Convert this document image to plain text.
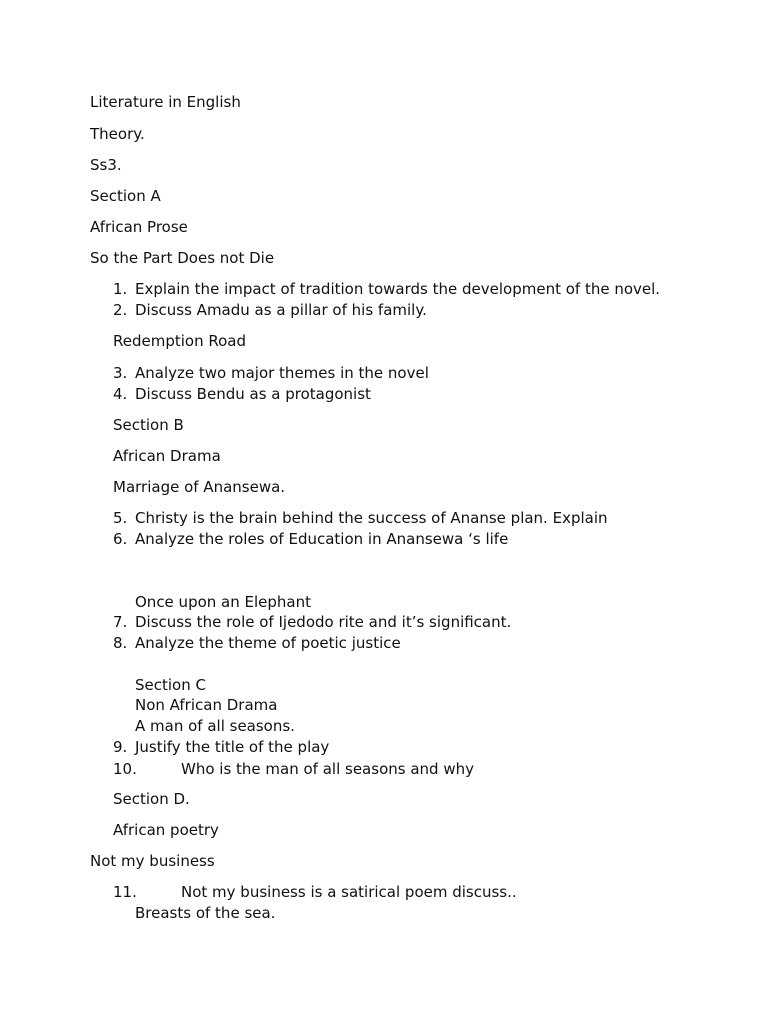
Literature in English
Theory.
Ss3.
Section A
African Prose
So the Part Does not Die
1. Explain the impact of tradition towards the development of the novel.
2. Discuss Amadu as a pillar of his family.
Redemption Road
3. Analyze two major themes in the novel
4. Discuss Bendu as a protagonist
Section B
African Drama
Marriage of Anansewa.
5. Christy is the brain behind the success of Ananse plan. Explain
6. Analyze the roles of Education in Anansewa ‘s life
Once upon an Elephant
7. Discuss the role of Ijedodo rite and it’s significant.
8. Analyze the theme of poetic justice
Section C
Non African Drama
A man of all seasons.
9. Justify the title of the play
10.	Who is the man of all seasons and why
Section D.
African poetry
Not my business
11.	Not my business is a satirical poem discuss..
Breasts of the sea.
